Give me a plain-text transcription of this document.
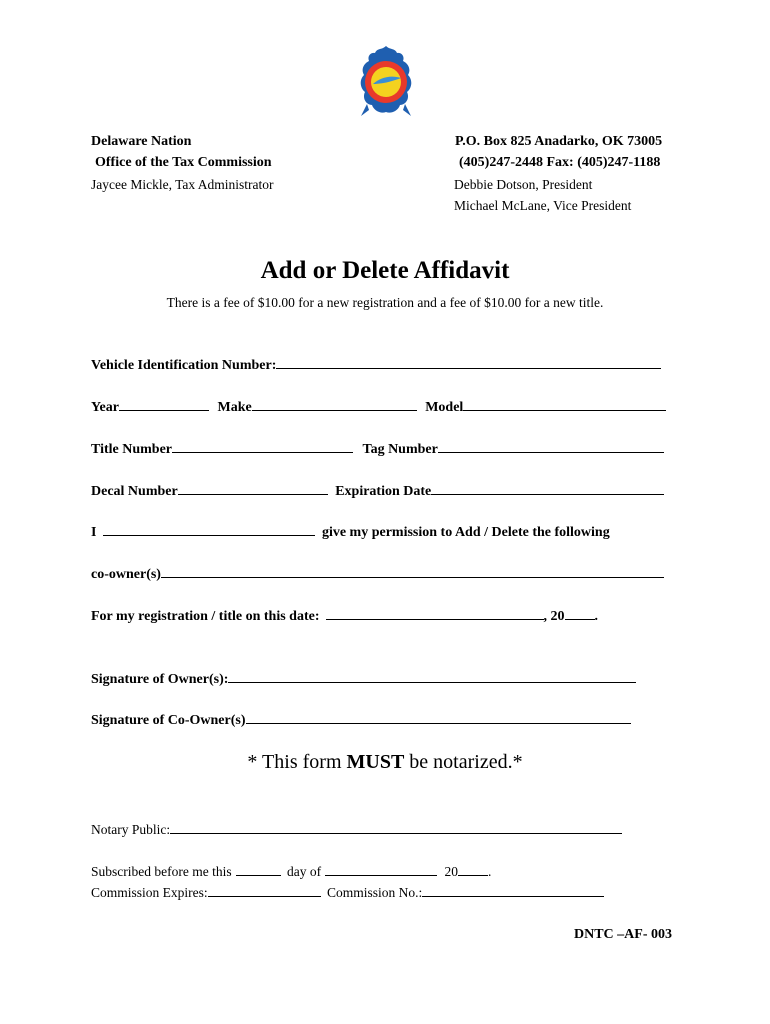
Delaware Nation
Office of the Tax Commission
Jaycee Mickle, Tax Administrator
P.O. Box 825 Anadarko, OK 73005
(405)247-2448 Fax: (405)247-1188
Debbie Dotson, President
Michael McLane, Vice President
Add or Delete Affidavit
There is a fee of $10.00 for a new registration and a fee of $10.00 for a new title.
Vehicle Identification Number:
Year	Make	Model
Title Number	Tag Number
Decal Number	Expiration Date
I	give my permission to Add / Delete the following
co-owner(s)
For my registration / title on this date:	, 20 .
Signature of Owner(s):
Signature of Co-Owner(s)
* This form MUST be notarized.*
Notary Public:
Subscribed before me this	day of	20 .
Commission Expires:	Commission No.:
DNTC –AF- 003
